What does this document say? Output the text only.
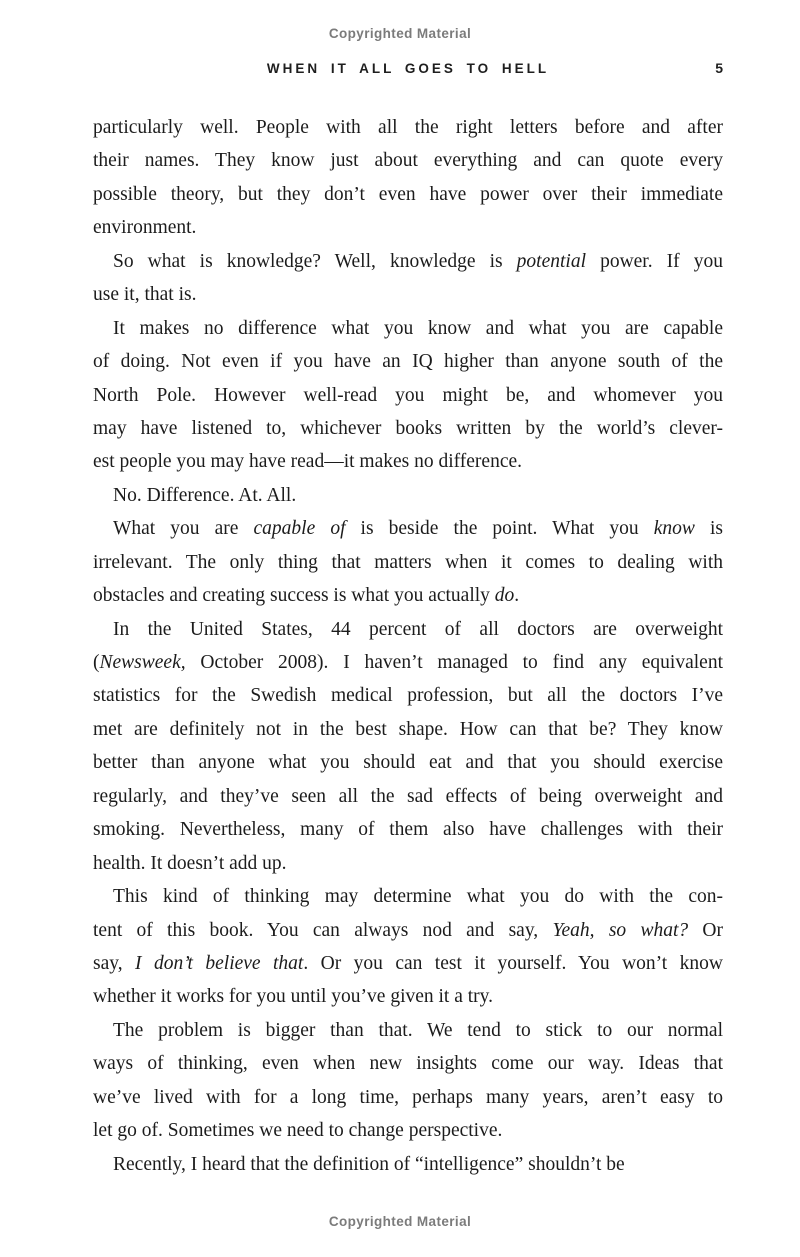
Copyrighted Material
WHEN IT ALL GOES TO HELL	5
particularly well. People with all the right letters before and after
their names. They know just about everything and can quote every
possible theory, but they don’t even have power over their immediate
environment.
So what is knowledge? Well, knowledge is potential power. If you
use it, that is.
It makes no difference what you know and what you are capable
of doing. Not even if you have an IQ higher than anyone south of the
North Pole. However well-read you might be, and whomever you
may have listened to, whichever books written by the world’s clever-
est people you may have read—it makes no difference.
No. Difference. At. All.
What you are capable of is beside the point. What you know is
irrelevant. The only thing that matters when it comes to dealing with
obstacles and creating success is what you actually do.
In the United States, 44 percent of all doctors are overweight
(Newsweek, October 2008). I haven’t managed to find any equivalent
statistics for the Swedish medical profession, but all the doctors I’ve
met are definitely not in the best shape. How can that be? They know
better than anyone what you should eat and that you should exercise
regularly, and they’ve seen all the sad effects of being overweight and
smoking. Nevertheless, many of them also have challenges with their
health. It doesn’t add up.
This kind of thinking may determine what you do with the con-
tent of this book. You can always nod and say, Yeah, so what? Or
say, I don’t believe that. Or you can test it yourself. You won’t know
whether it works for you until you’ve given it a try.
The problem is bigger than that. We tend to stick to our normal
ways of thinking, even when new insights come our way. Ideas that
we’ve lived with for a long time, perhaps many years, aren’t easy to
let go of. Sometimes we need to change perspective.
Recently, I heard that the definition of “intelligence” shouldn’t be
Copyrighted Material
